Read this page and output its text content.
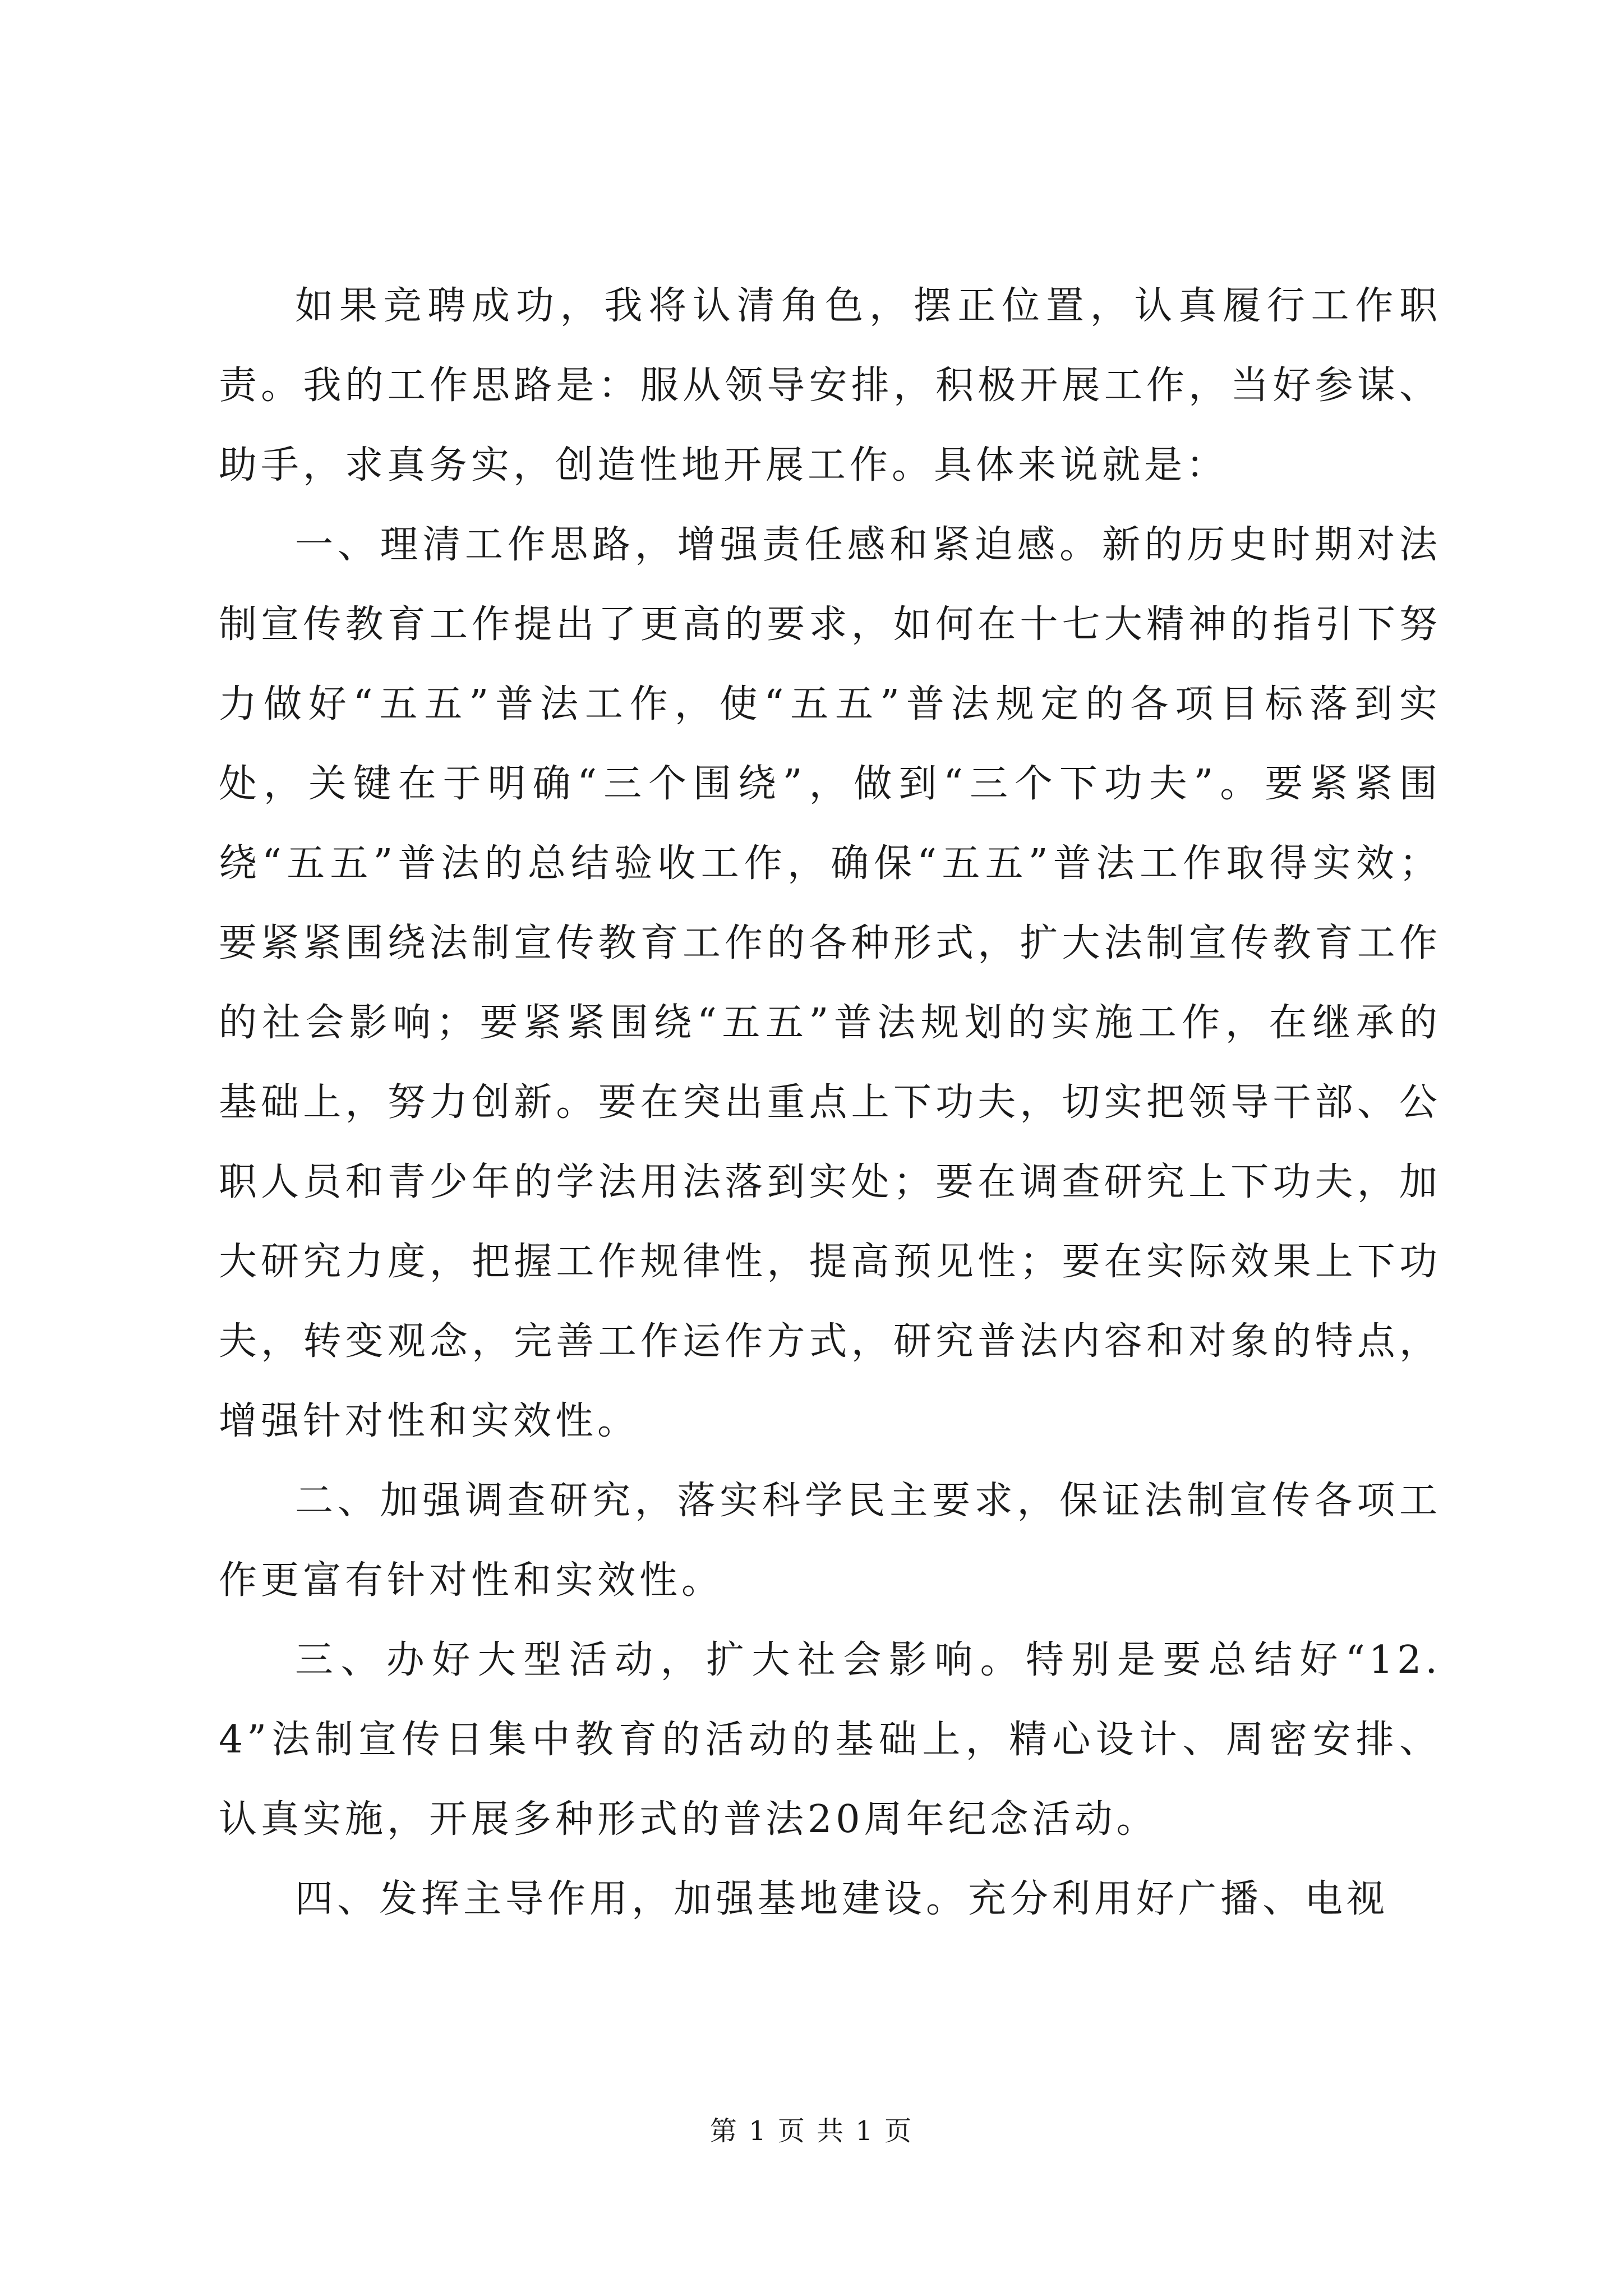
如果竞聘成功，我将认清角色，摆正位置，认真履行工作职责。我的工作思路是：服从领导安排，积极开展工作，当好参谋、助手，求真务实，创造性地开展工作。具体来说就是：

一、理清工作思路，增强责任感和紧迫感。新的历史时期对法制宣传教育工作提出了更高的要求，如何在十七大精神的指引下努力做好“五五”普法工作，使“五五”普法规定的各项目标落到实处，关键在于明确“三个围绕”，做到“三个下功夫”。要紧紧围绕“五五”普法的总结验收工作，确保“五五”普法工作取得实效；要紧紧围绕法制宣传教育工作的各种形式，扩大法制宣传教育工作的社会影响；要紧紧围绕“五五”普法规划的实施工作，在继承的基础上，努力创新。要在突出重点上下功夫，切实把领导干部、公职人员和青少年的学法用法落到实处；要在调查研究上下功夫，加大研究力度，把握工作规律性，提高预见性；要在实际效果上下功夫，转变观念，完善工作运作方式，研究普法内容和对象的特点，增强针对性和实效性。

二、加强调查研究，落实科学民主要求，保证法制宣传各项工作更富有针对性和实效性。

三、办好大型活动，扩大社会影响。特别是要总结好“12.4”法制宣传日集中教育的活动的基础上，精心设计、周密安排、认真实施，开展多种形式的普法20周年纪念活动。

四、发挥主导作用，加强基地建设。充分利用好广播、电视

第 1 页 共 1 页
